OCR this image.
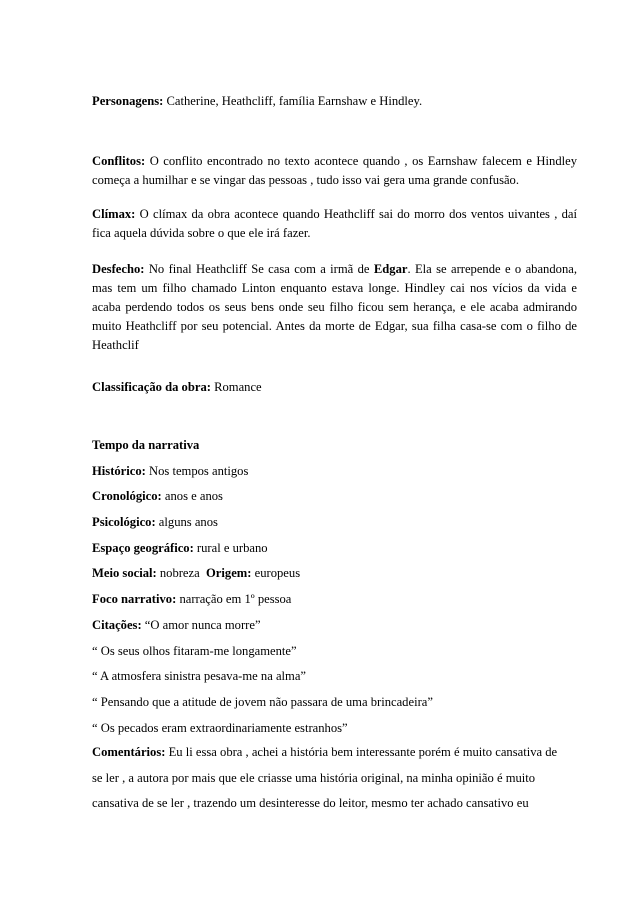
Personagens: Catherine, Heathcliff, família Earnshaw e Hindley.

Conflitos: O conflito encontrado no texto acontece quando , os Earnshaw falecem e Hindley começa a humilhar e se vingar das pessoas , tudo isso vai gera uma grande confusão.

Clímax: O clímax da obra acontece quando Heathcliff sai do morro dos ventos uivantes , daí fica aquela dúvida sobre o que ele irá fazer.

Desfecho: No final Heathcliff Se casa com a irmã de Edgar. Ela se arrepende e o abandona, mas tem um filho chamado Linton enquanto estava longe. Hindley cai nos vícios da vida e acaba perdendo todos os seus bens onde seu filho ficou sem herança, e ele acaba admirando muito Heathcliff por seu potencial. Antes da morte de Edgar, sua filha casa-se com o filho de Heathclif

Classificação da obra: Romance

Tempo da narrativa

Histórico: Nos tempos antigos

Cronológico: anos e anos

Psicológico: alguns anos

Espaço geográfico: rural e urbano

Meio social: nobreza  Origem: europeus

Foco narrativo: narração em 1º pessoa

Citações: “O amor nunca morre”

“ Os seus olhos fitaram-me longamente”

“ A atmosfera sinistra pesava-me na alma”

“ Pensando que a atitude de jovem não passara de uma brincadeira”

“ Os pecados eram extraordinariamente estranhos”

Comentários: Eu li essa obra , achei a história bem interessante porém é muito cansativa de

se ler , a autora por mais que ele criasse uma história original, na minha opinião é muito

cansativa de se ler , trazendo um desinteresse do leitor, mesmo ter achado cansativo eu
